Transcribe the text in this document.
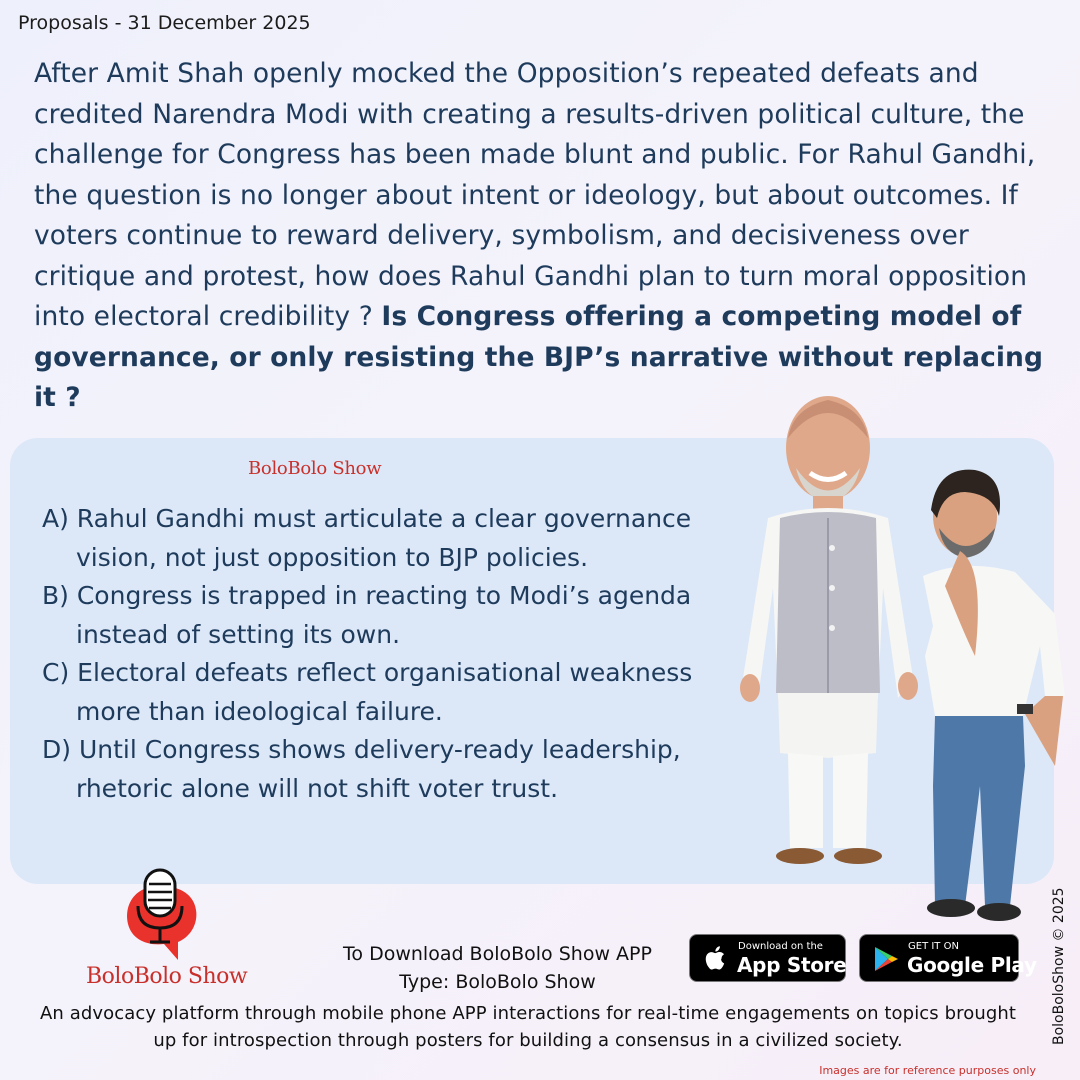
Proposals - 31 December 2025
After Amit Shah openly mocked the Opposition’s repeated defeats and credited Narendra Modi with creating a results-driven political culture, the challenge for Congress has been made blunt and public. For Rahul Gandhi, the question is no longer about intent or ideology, but about outcomes. If voters continue to reward delivery, symbolism, and decisiveness over critique and protest, how does Rahul Gandhi plan to turn moral opposition into electoral credibility ? Is Congress offering a competing model of governance, or only resisting the BJP’s narrative without replacing it ?
BoloBolo Show
A) Rahul Gandhi must articulate a clear governance vision, not just opposition to BJP policies.
B) Congress is trapped in reacting to Modi’s agenda instead of setting its own.
C) Electoral defeats reflect organisational weakness more than ideological failure.
D) Until Congress shows delivery-ready leadership, rhetoric alone will not shift voter trust.
BoloBolo Show
To Download BoloBolo Show APP
Type: BoloBolo Show
Download on the
App Store
GET IT ON
Google Play
An advocacy platform through mobile phone APP interactions for real-time engagements on topics brought up for introspection through posters for building a consensus in a civilized society.	BoloBoloShow © 2025
Images are for reference purposes only
